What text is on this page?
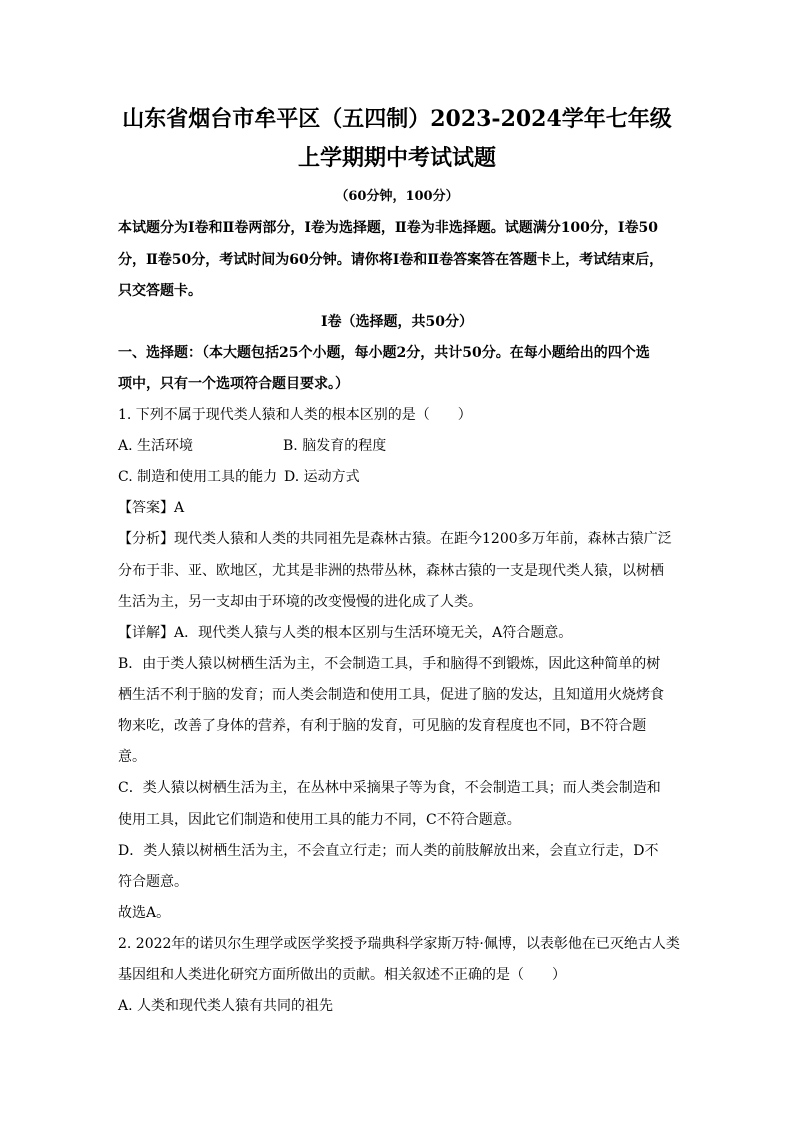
山东省烟台市牟平区（五四制）2023-2024学年七年级
上学期期中考试试题
（60分钟，100分）
本试题分为Ⅰ卷和Ⅱ卷两部分，Ⅰ卷为选择题，Ⅱ卷为非选择题。试题满分100分，Ⅰ卷50
分，Ⅱ卷50分，考试时间为60分钟。请你将Ⅰ卷和Ⅱ卷答案答在答题卡上，考试结束后，
只交答题卡。
Ⅰ卷（选择题，共50分）
一、选择题：（本大题包括25个小题，每小题2分，共计50分。在每小题给出的四个选
项中，只有一个选项符合题目要求。）
1. 下列不属于现代类人猿和人类的根本区别的是（　　）
A. 生活环境	B. 脑发育的程度
C. 制造和使用工具的能力 D. 运动方式
【答案】A
【分析】现代类人猿和人类的共同祖先是森林古猿。在距今1200多万年前，森林古猿广泛
分布于非、亚、欧地区，尤其是非洲的热带丛林，森林古猿的一支是现代类人猿，以树栖
生活为主，另一支却由于环境的改变慢慢的进化成了人类。
【详解】A．现代类人猿与人类的根本区别与生活环境无关，A符合题意。
B．由于类人猿以树栖生活为主，不会制造工具，手和脑得不到锻炼，因此这种简单的树
栖生活不利于脑的发育；而人类会制造和使用工具，促进了脑的发达，且知道用火烧烤食
物来吃，改善了身体的营养，有利于脑的发育，可见脑的发育程度也不同，B不符合题
意。
C．类人猿以树栖生活为主，在丛林中采摘果子等为食，不会制造工具；而人类会制造和
使用工具，因此它们制造和使用工具的能力不同，C不符合题意。
D．类人猿以树栖生活为主，不会直立行走；而人类的前肢解放出来，会直立行走，D不
符合题意。
故选A。
2. 2022年的诺贝尔生理学或医学奖授予瑞典科学家斯万特·佩博，以表彰他在已灭绝古人类
基因组和人类进化研究方面所做出的贡献。相关叙述不正确的是（　　）
A. 人类和现代类人猿有共同的祖先
